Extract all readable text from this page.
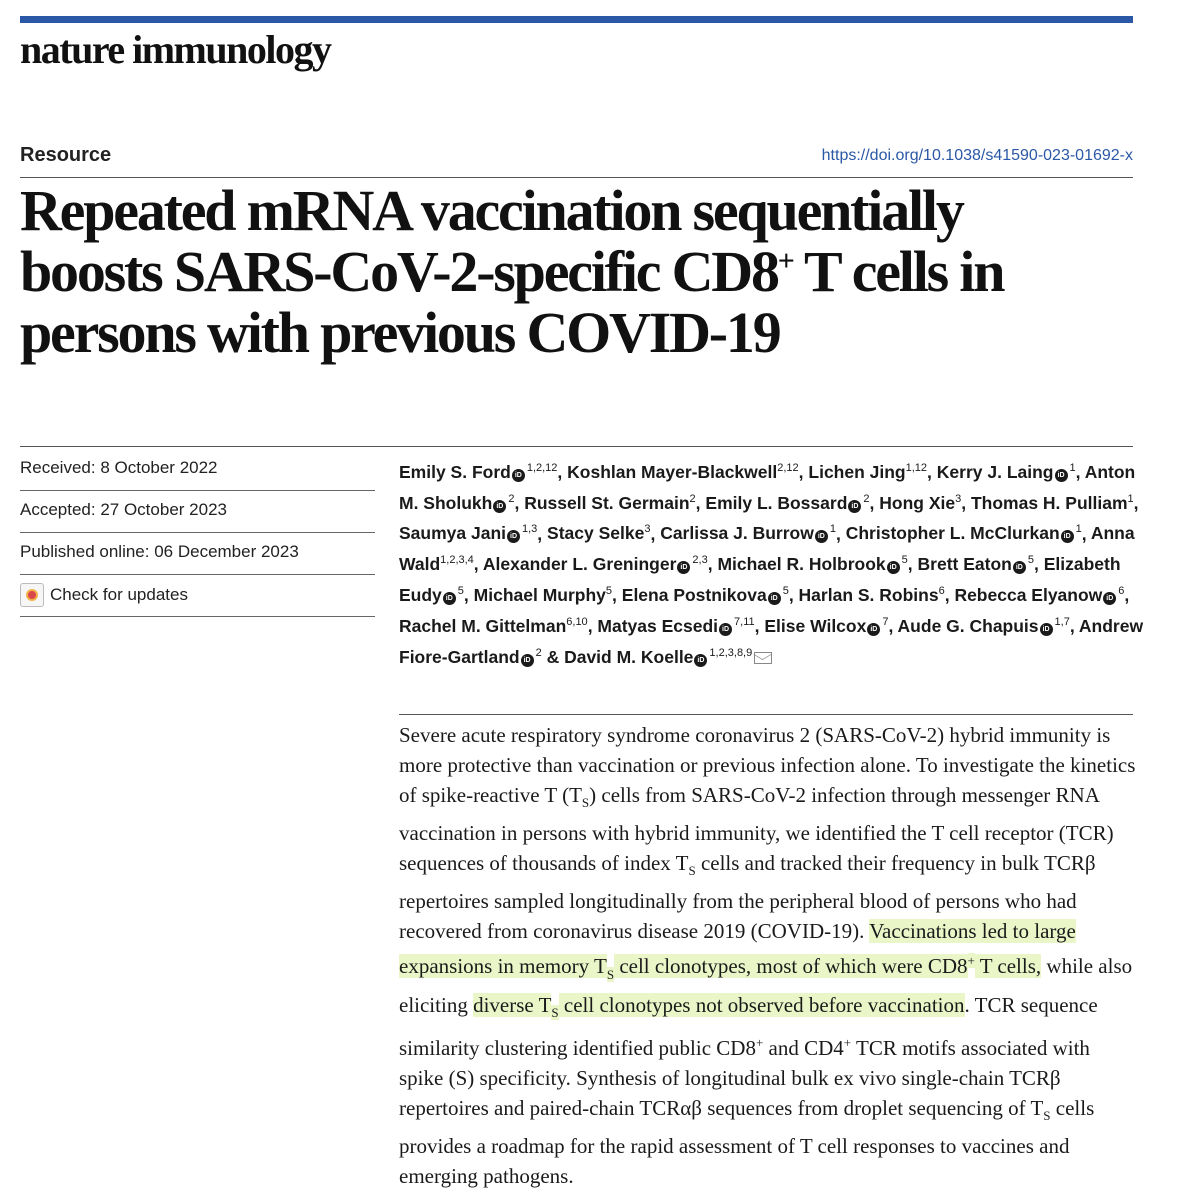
nature immunology
Resource	https://doi.org/10.1038/s41590-023-01692-x
Repeated mRNA vaccination sequentially
boosts SARS-CoV-2-specific CD8+ T cells in
persons with previous COVID-19
Received: 8 October 2022
Accepted: 27 October 2023
Published online: 06 December 2023
Check for updates
Emily S. Ford iD$^{1,2,12}$, Koshlan Mayer-Blackwell$^{2,12}$, Lichen Jing$^{1,12}$, Kerry J. Laing $iD^1$, Anton M. Sholukh $iD^2$, Russell St. Germain$^2$, Emily L. Bossard $iD^2$, Hong Xie$^3$, Thomas H. Pulliam$^1$, Saumya Jani iD$^{1,3}$, Stacy Selke$^3$, Carlissa J. Burrow $iD^1$, Christopher L. McClurkan $iD^1$, Anna Wald$^{1,2,3,4}$, Alexander L. Greninger iD$^{2,3}$, Michael R. Holbrook $iD^5$, Brett Eaton $iD^5$, Elizabeth Eudy $iD^5$, Michael Murphy$^5$, Elena Postnikova $iD^5$, Harlan S. Robins$^6$, Rebecca Elyanow $iD^6$, Rachel M. Gittelman$^{6,10}$, Matyas Ecsedi iD$^{7,11}$, Elise Wilcox $iD^7$, Aude G. Chapuis iD$^{1,7}$, Andrew Fiore-Gartland $iD^2$ & David M. Koelle iD$^{1,2,3,8,9}$

Severe acute respiratory syndrome coronavirus 2 (SARS-CoV-2) hybrid immunity is more protective than vaccination or previous infection alone. To investigate the kinetics of spike-reactive T $(T_S)$ cells from SARS-CoV-2 infection through messenger RNA vaccination in persons with hybrid immunity, we identified the T cell receptor (TCR) sequences of thousands of index $T_S$ cells and tracked their frequency in bulk TCRβ repertoires sampled longitudinally from the peripheral blood of persons who had recovered from coronavirus disease 2019 (COVID-19). Vaccinations led to large expansions in memory $T_S$ cell clonotypes, most of which were CD8+ T cells, while also eliciting diverse $T_S$ cell clonotypes not observed before vaccination. TCR sequence similarity clustering identified public CD8+ and CD4+ TCR motifs associated with spike (S) specificity. Synthesis of longitudinal bulk ex vivo single-chain TCRβ repertoires and paired-chain TCRαβ sequences from droplet sequencing of $T_S$ cells provides a roadmap for the rapid assessment of T cell responses to vaccines and emerging pathogens.
